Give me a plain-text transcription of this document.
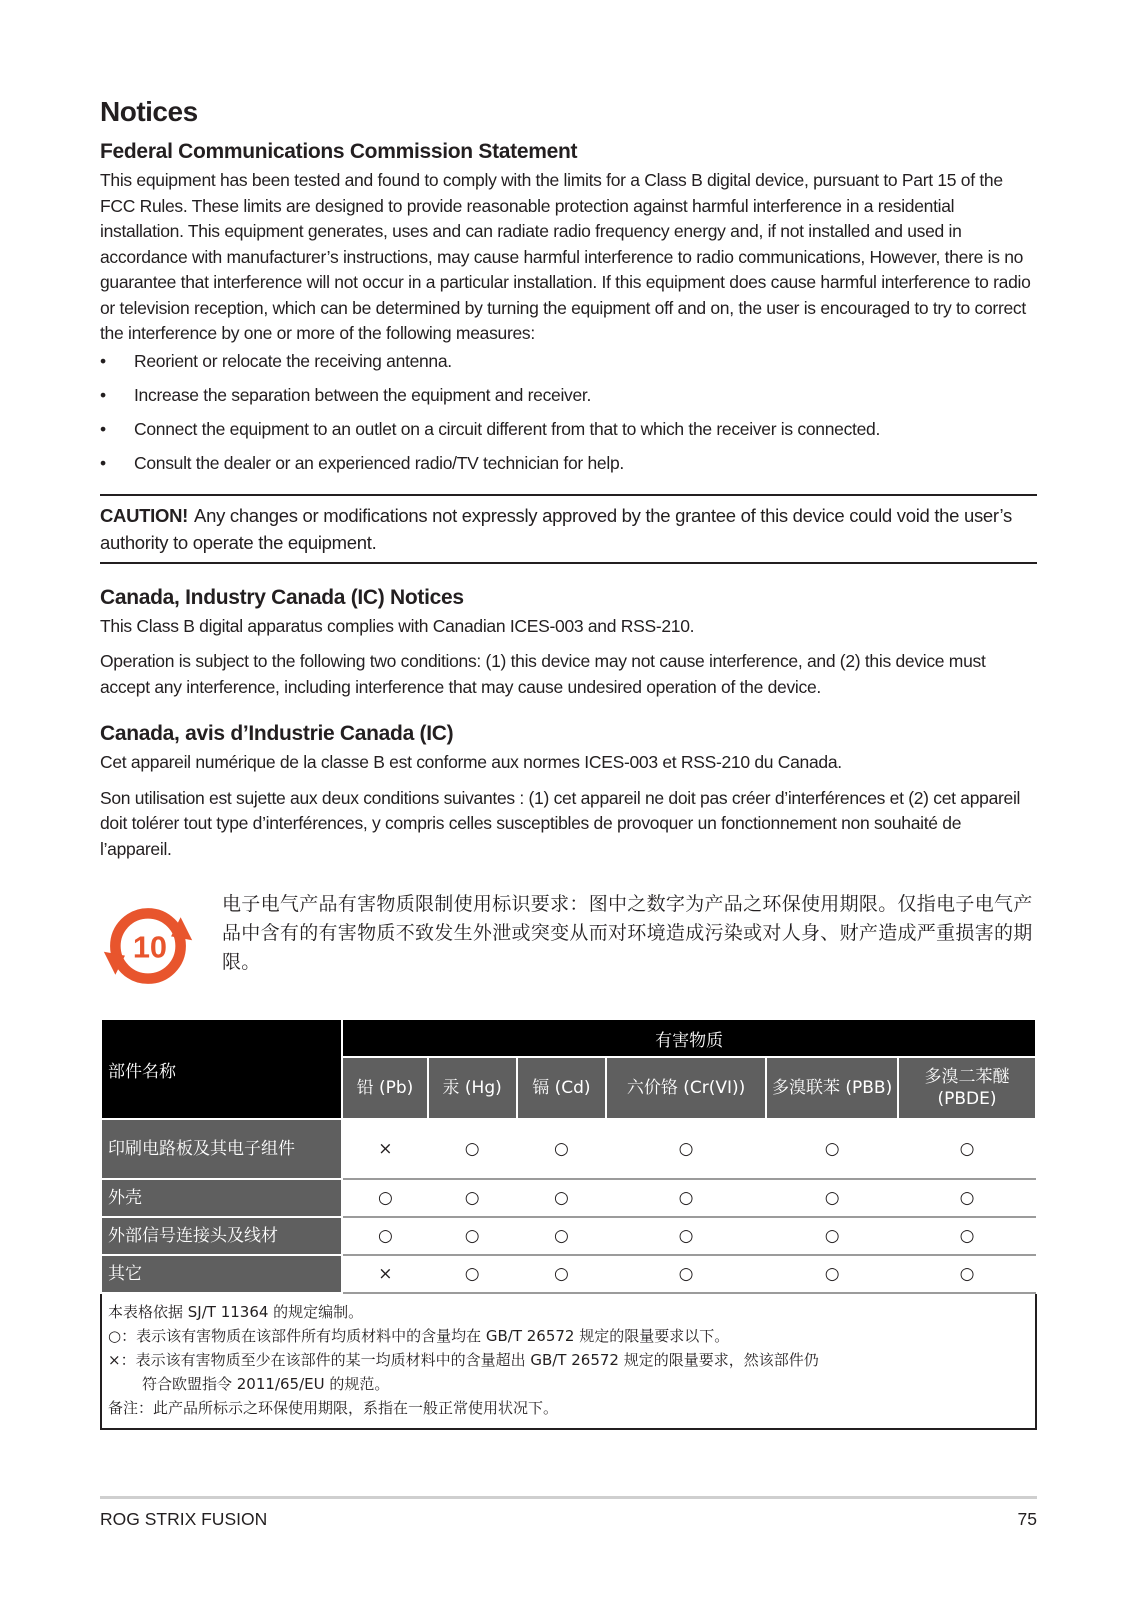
Notices
Federal Communications Commission Statement

This equipment has been tested and found to comply with the limits for a Class B digital device, pursuant to Part 15 of the FCC Rules. These limits are designed to provide reasonable protection against harmful interference in a residential installation. This equipment generates, uses and can radiate radio frequency energy and, if not installed and used in accordance with manufacturer’s instructions, may cause harmful interference to radio communications, However, there is no guarantee that interference will not occur in a particular installation. If this equipment does cause harmful interference to radio or television reception, which can be determined by turning the equipment off and on, the user is encouraged to try to correct the interference by one or more of the following measures:

• Reorient or relocate the receiving antenna.
• Increase the separation between the equipment and receiver.
• Connect the equipment to an outlet on a circuit different from that to which the receiver is connected.
• Consult the dealer or an experienced radio/TV technician for help.

CAUTION! Any changes or modifications not expressly approved by the grantee of this device could void the user’s authority to operate the equipment.

Canada, Industry Canada (IC) Notices

This Class B digital apparatus complies with Canadian ICES-003 and RSS-210.

Operation is subject to the following two conditions: (1) this device may not cause interference, and (2) this device must accept any interference, including interference that may cause undesired operation of the device.

Canada, avis d’Industrie Canada (IC)

Cet appareil numérique de la classe B est conforme aux normes ICES-003 et RSS-210 du Canada.

Son utilisation est sujette aux deux conditions suivantes : (1) cet appareil ne doit pas créer d’interférences et (2) cet appareil doit tolérer tout type d’interférences, y compris celles susceptibles de provoquer un fonctionnement non souhaité de l’appareil.

10
电子电气产品有害物质限制使用标识要求：图中之数字为产品之环保使用期限。仅指电子电气产品中含有的有害物质不致发生外泄或突变从而对环境造成污染或对人身、财产造成严重损害的期限。
部件名称	有害物质					
	铅 (Pb)	汞 (Hg)	镉 (Cd)	六价铬 (Cr(VI))	多溴联苯 (PBB)	多溴二苯醚 (PBDE)
印刷电路板及其电子组件	×	○	○	○	○	○
外壳	○	○	○	○	○	○
外部信号连接头及线材	○	○	○	○	○	○
其它	×	○	○	○	○	○
本表格依据 SJ/T 11364 的规定编制。
○：表示该有害物质在该部件所有均质材料中的含量均在 GB/T 26572 规定的限量要求以下。
×：表示该有害物质至少在该部件的某一均质材料中的含量超出 GB/T 26572 规定的限量要求，然该部件仍
符合欧盟指令 2011/65/EU 的规范。
备注：此产品所标示之环保使用期限，系指在一般正常使用状况下。
ROG STRIX FUSION	75
